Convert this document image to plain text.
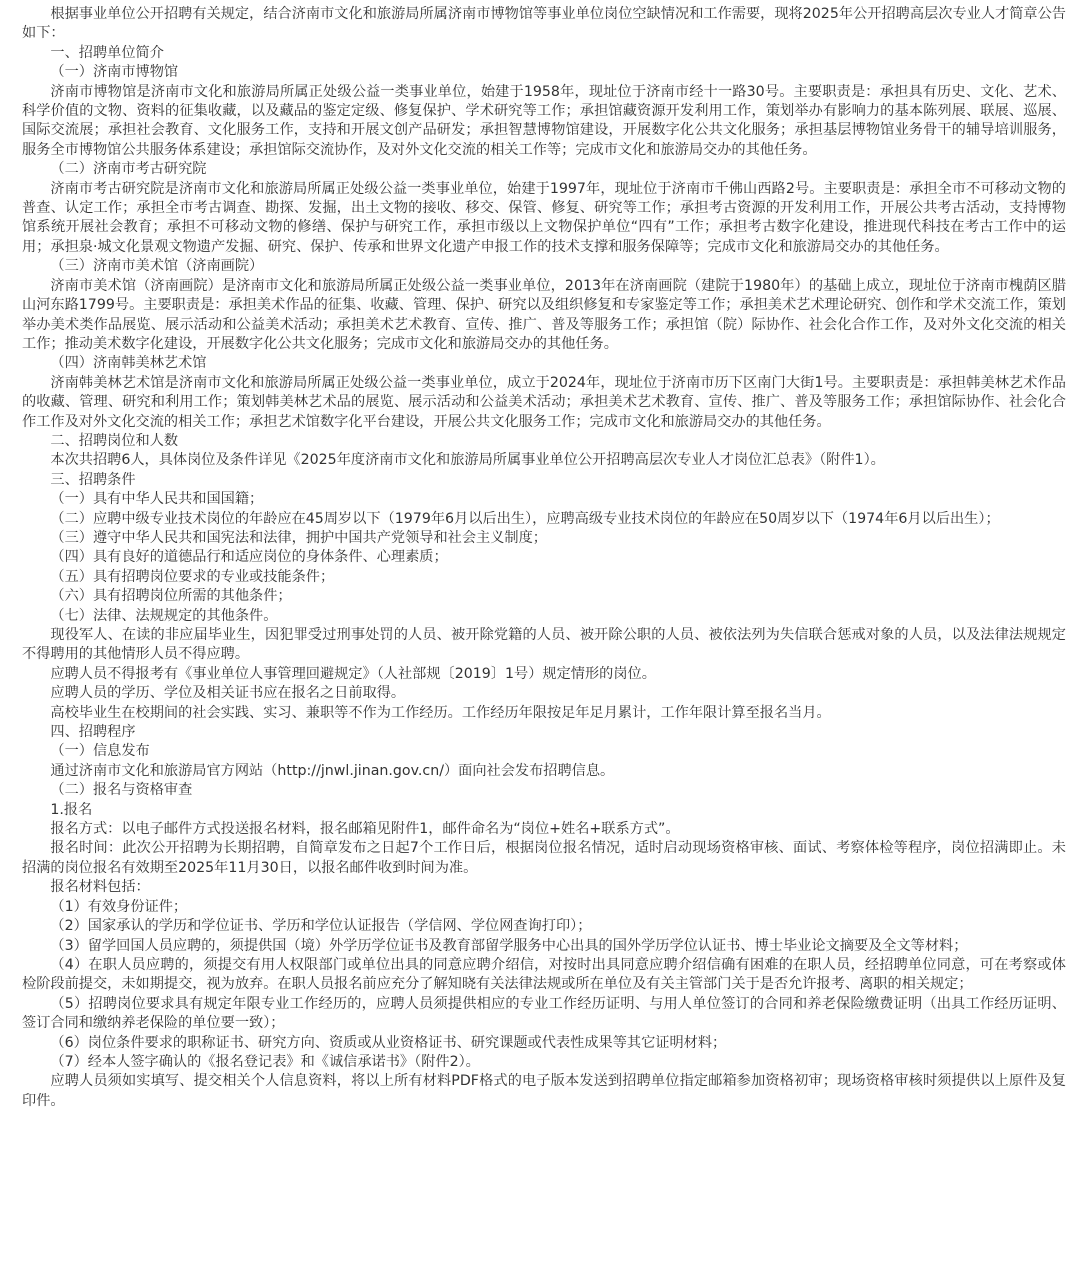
根据事业单位公开招聘有关规定，结合济南市文化和旅游局所属济南市博物馆等事业单位岗位空缺情况和工作需要，现将2025年公开招聘高层次专业人才简章公告如下：

一、招聘单位简介

（一）济南市博物馆

济南市博物馆是济南市文化和旅游局所属正处级公益一类事业单位，始建于1958年，现址位于济南市经十一路30号。主要职责是：承担具有历史、文化、艺术、科学价值的文物、资料的征集收藏，以及藏品的鉴定定级、修复保护、学术研究等工作；承担馆藏资源开发利用工作，策划举办有影响力的基本陈列展、联展、巡展、国际交流展；承担社会教育、文化服务工作，支持和开展文创产品研发；承担智慧博物馆建设，开展数字化公共文化服务；承担基层博物馆业务骨干的辅导培训服务，服务全市博物馆公共服务体系建设；承担馆际交流协作，及对外文化交流的相关工作等；完成市文化和旅游局交办的其他任务。

（二）济南市考古研究院

济南市考古研究院是济南市文化和旅游局所属正处级公益一类事业单位，始建于1997年，现址位于济南市千佛山西路2号。主要职责是：承担全市不可移动文物的普查、认定工作；承担全市考古调查、勘探、发掘，出土文物的接收、移交、保管、修复、研究等工作；承担考古资源的开发利用工作，开展公共考古活动，支持博物馆系统开展社会教育；承担不可移动文物的修缮、保护与研究工作，承担市级以上文物保护单位“四有”工作；承担考古数字化建设，推进现代科技在考古工作中的运用；承担泉·城文化景观文物遗产发掘、研究、保护、传承和世界文化遗产申报工作的技术支撑和服务保障等；完成市文化和旅游局交办的其他任务。

（三）济南市美术馆（济南画院）

济南市美术馆（济南画院）是济南市文化和旅游局所属正处级公益一类事业单位，2013年在济南画院（建院于1980年）的基础上成立，现址位于济南市槐荫区腊山河东路1799号。主要职责是：承担美术作品的征集、收藏、管理、保护、研究以及组织修复和专家鉴定等工作；承担美术艺术理论研究、创作和学术交流工作，策划举办美术类作品展览、展示活动和公益美术活动；承担美术艺术教育、宣传、推广、普及等服务工作；承担馆（院）际协作、社会化合作工作，及对外文化交流的相关工作；推动美术数字化建设，开展数字化公共文化服务；完成市文化和旅游局交办的其他任务。

（四）济南韩美林艺术馆

济南韩美林艺术馆是济南市文化和旅游局所属正处级公益一类事业单位，成立于2024年，现址位于济南市历下区南门大街1号。主要职责是：承担韩美林艺术作品的收藏、管理、研究和利用工作；策划韩美林艺术品的展览、展示活动和公益美术活动；承担美术艺术教育、宣传、推广、普及等服务工作；承担馆际协作、社会化合作工作及对外文化交流的相关工作；承担艺术馆数字化平台建设，开展公共文化服务工作；完成市文化和旅游局交办的其他任务。

二、招聘岗位和人数

本次共招聘6人，具体岗位及条件详见《2025年度济南市文化和旅游局所属事业单位公开招聘高层次专业人才岗位汇总表》（附件1）。

三、招聘条件

（一）具有中华人民共和国国籍；

（二）应聘中级专业技术岗位的年龄应在45周岁以下（1979年6月以后出生），应聘高级专业技术岗位的年龄应在50周岁以下（1974年6月以后出生）；

（三）遵守中华人民共和国宪法和法律，拥护中国共产党领导和社会主义制度；

（四）具有良好的道德品行和适应岗位的身体条件、心理素质；

（五）具有招聘岗位要求的专业或技能条件；

（六）具有招聘岗位所需的其他条件；

（七）法律、法规规定的其他条件。

现役军人、在读的非应届毕业生，因犯罪受过刑事处罚的人员、被开除党籍的人员、被开除公职的人员、被依法列为失信联合惩戒对象的人员，以及法律法规规定不得聘用的其他情形人员不得应聘。

应聘人员不得报考有《事业单位人事管理回避规定》（人社部规〔2019〕1号）规定情形的岗位。

应聘人员的学历、学位及相关证书应在报名之日前取得。

高校毕业生在校期间的社会实践、实习、兼职等不作为工作经历。工作经历年限按足年足月累计，工作年限计算至报名当月。

四、招聘程序

（一）信息发布

通过济南市文化和旅游局官方网站（http://jnwl.jinan.gov.cn/）面向社会发布招聘信息。

（二）报名与资格审查

1.报名

报名方式：以电子邮件方式投送报名材料，报名邮箱见附件1，邮件命名为“岗位+姓名+联系方式”。

报名时间：此次公开招聘为长期招聘，自简章发布之日起7个工作日后，根据岗位报名情况，适时启动现场资格审核、面试、考察体检等程序，岗位招满即止。未招满的岗位报名有效期至2025年11月30日，以报名邮件收到时间为准。

报名材料包括：

（1）有效身份证件；

（2）国家承认的学历和学位证书、学历和学位认证报告（学信网、学位网查询打印）；

（3）留学回国人员应聘的，须提供国（境）外学历学位证书及教育部留学服务中心出具的国外学历学位认证书、博士毕业论文摘要及全文等材料；

（4）在职人员应聘的，须提交有用人权限部门或单位出具的同意应聘介绍信，对按时出具同意应聘介绍信确有困难的在职人员，经招聘单位同意，可在考察或体检阶段前提交，未如期提交，视为放弃。在职人员报名前应充分了解知晓有关法律法规或所在单位及有关主管部门关于是否允许报考、离职的相关规定；

（5）招聘岗位要求具有规定年限专业工作经历的，应聘人员须提供相应的专业工作经历证明、与用人单位签订的合同和养老保险缴费证明（出具工作经历证明、签订合同和缴纳养老保险的单位要一致）；

（6）岗位条件要求的职称证书、研究方向、资质或从业资格证书、研究课题或代表性成果等其它证明材料；

（7）经本人签字确认的《报名登记表》和《诚信承诺书》（附件2）。

应聘人员须如实填写、提交相关个人信息资料，将以上所有材料PDF格式的电子版本发送到招聘单位指定邮箱参加资格初审；现场资格审核时须提供以上原件及复印件。
